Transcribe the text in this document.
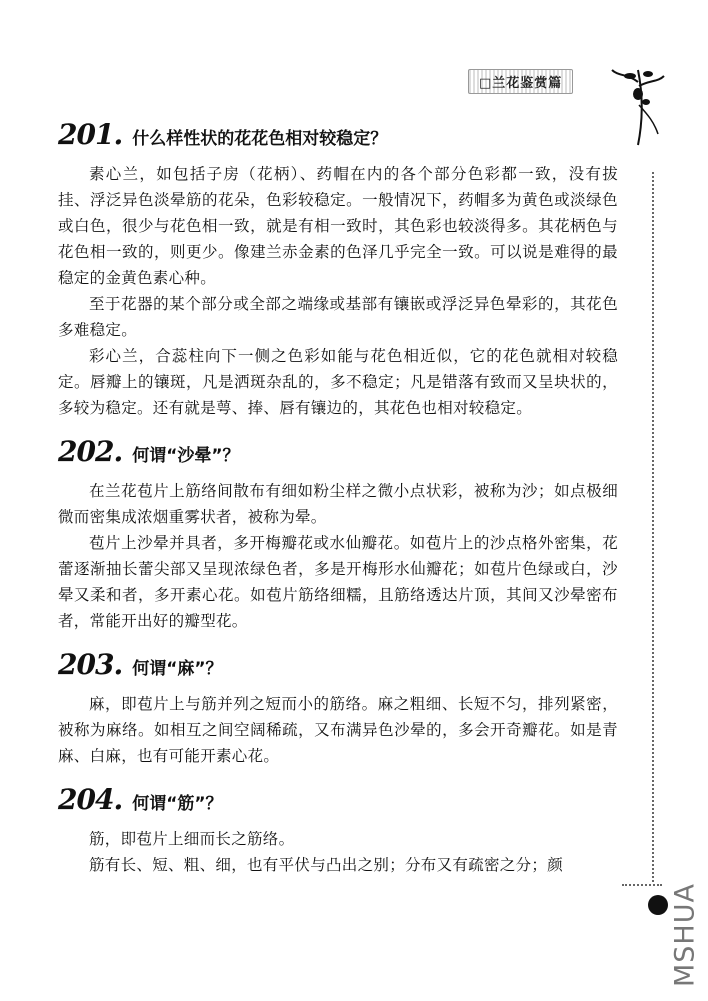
□兰花鉴赏篇
MSHUA
201. 什么样性状的花花色相对较稳定？

素心兰，如包括子房（花柄）、药帽在内的各个部分色彩都一致，没有拔挂、浮泛异色淡晕筋的花朵，色彩较稳定。一般情况下，药帽多为黄色或淡绿色或白色，很少与花色相一致，就是有相一致时，其色彩也较淡得多。其花柄色与花色相一致的，则更少。像建兰赤金素的色泽几乎完全一致。可以说是难得的最稳定的金黄色素心种。

至于花器的某个部分或全部之端缘或基部有镶嵌或浮泛异色晕彩的，其花色多难稳定。

彩心兰，合蕊柱向下一侧之色彩如能与花色相近似，它的花色就相对较稳定。唇瓣上的镶斑，凡是洒斑杂乱的，多不稳定；凡是错落有致而又呈块状的，多较为稳定。还有就是萼、捧、唇有镶边的，其花色也相对较稳定。

202. 何谓“沙晕”？

在兰花苞片上筋络间散布有细如粉尘样之微小点状彩，被称为沙；如点极细微而密集成浓烟重雾状者，被称为晕。

苞片上沙晕并具者，多开梅瓣花或水仙瓣花。如苞片上的沙点格外密集，花蕾逐渐抽长蕾尖部又呈现浓绿色者，多是开梅形水仙瓣花；如苞片色绿或白，沙晕又柔和者，多开素心花。如苞片筋络细糯，且筋络透达片顶，其间又沙晕密布者，常能开出好的瓣型花。

203. 何谓“麻”？

麻，即苞片上与筋并列之短而小的筋络。麻之粗细、长短不匀，排列紧密，被称为麻络。如相互之间空阔稀疏，又布满异色沙晕的，多会开奇瓣花。如是青麻、白麻，也有可能开素心花。

204. 何谓“筋”？

筋，即苞片上细而长之筋络。

筋有长、短、粗、细，也有平伏与凸出之别；分布又有疏密之分；颜
